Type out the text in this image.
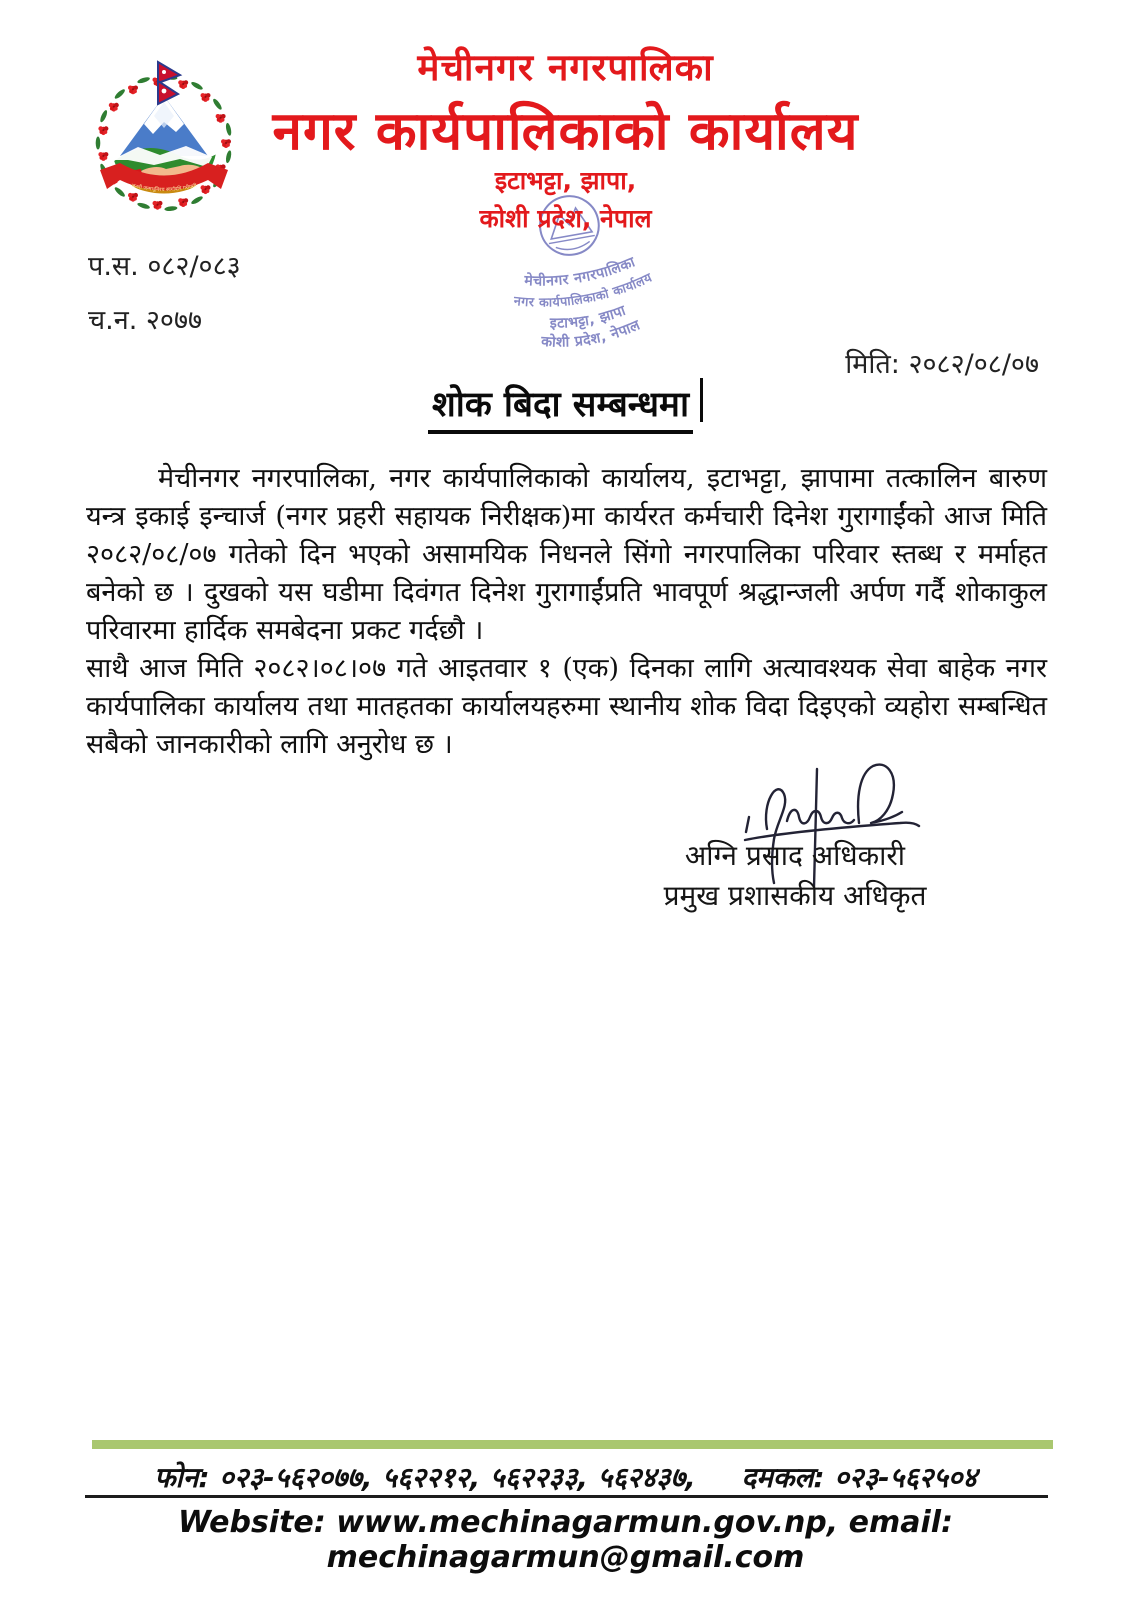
जननी जन्मभूमिश्च स्वर्गादपि गरीयसी
मेचीनगर नगरपालिका
नगर कार्यपालिकाको कार्यालय
इटाभट्टा, झापा
कोशी प्रदेश, नेपाल
मेचीनगर नगरपालिका
नगर कार्यपालिकाको कार्यालय
इटाभट्टा, झापा,
कोशी प्रदेश, नेपाल
प.स. ०८२/०८३
च.न. २०७७
मिति: २०८२/०८/०७
शोक बिदा सम्बन्धमा

मेचीनगर नगरपालिका, नगर कार्यपालिकाको कार्यालय, इटाभट्टा, झापामा तत्कालिन बारुण यन्त्र इकाई इन्चार्ज (नगर प्रहरी सहायक निरीक्षक)मा कार्यरत कर्मचारी दिनेश गुरागाईंको आज मिति २०८२/०८/०७ गतेको दिन भएको असामयिक निधनले सिंगो नगरपालिका परिवार स्तब्ध र मर्माहत बनेको छ । दुखको यस घडीमा दिवंगत दिनेश गुरागाईंप्रति भावपूर्ण श्रद्धान्जली अर्पण गर्दै शोकाकुल परिवारमा हार्दिक समबेदना प्रकट गर्दछौ ।

साथै आज मिति २०८२।०८।०७ गते आइतवार १ (एक) दिनका लागि अत्यावश्यक सेवा बाहेक नगर कार्यपालिका कार्यालय तथा मातहतका कार्यालयहरुमा स्थानीय शोक विदा दिइएको व्यहोरा सम्बन्धित सबैको जानकारीको लागि अनुरोध छ ।

अग्नि प्रसाद अधिकारी
प्रमुख प्रशासकीय अधिकृत
फोन: ०२३-५६२०७७, ५६२२१२, ५६२२३३, ५६२४३७, दमकल: ०२३-५६२५०४
Website: www.mechinagarmun.gov.np, email: mechinagarmun@gmail.com
